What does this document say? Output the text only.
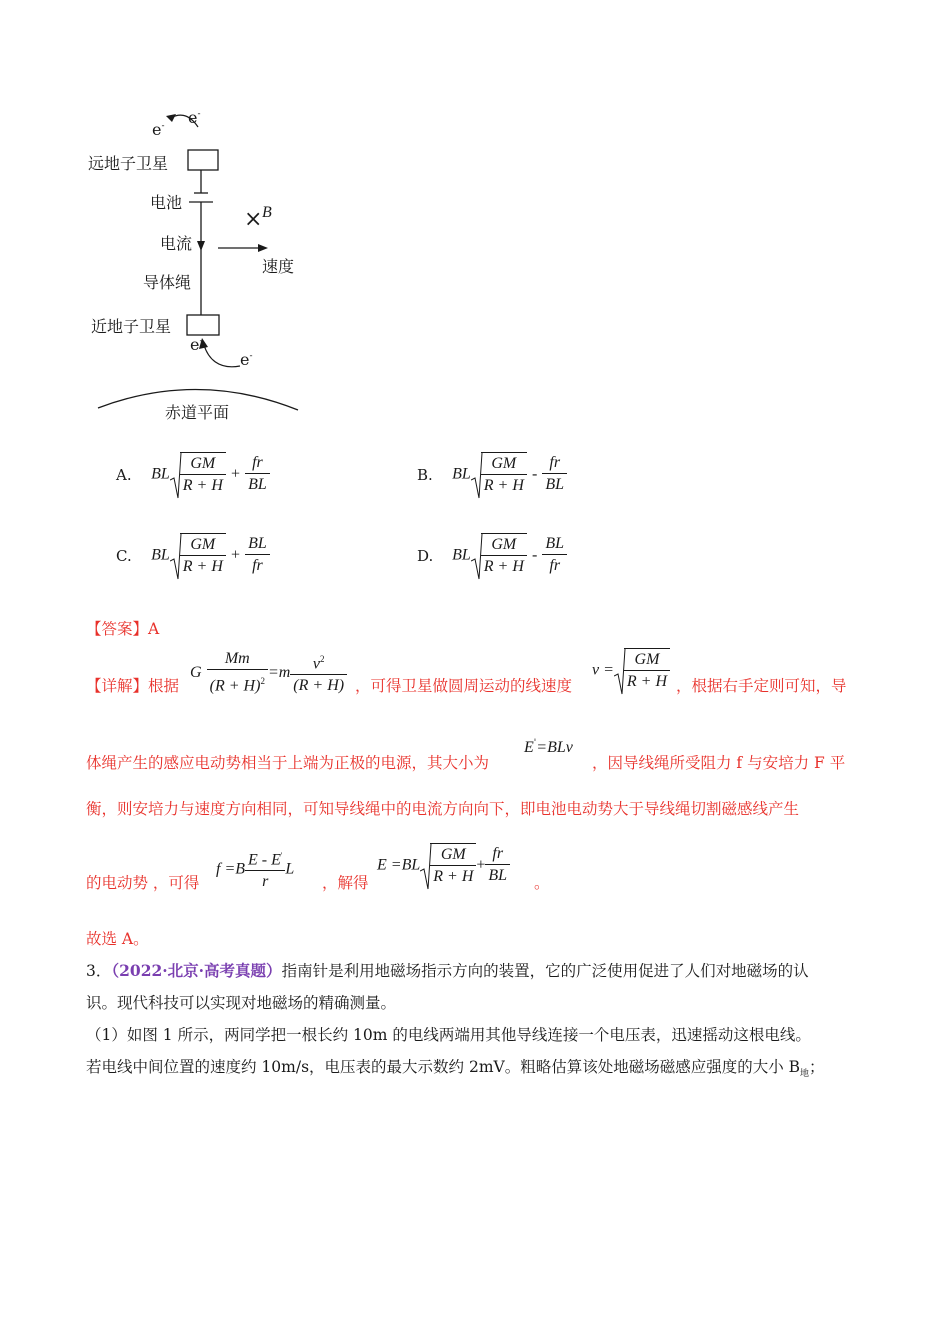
e- e-
远地子卫星
电池
× B
电流
速度
导体绳
近地子卫星
e-
e-
赤道平面
A. BL $\frac{GM}{R + H} + \frac{fr}{BL}$	B. BL $\frac{GM}{R + H} - \frac{fr}{BL}$
C. BL $\frac{GM}{R + H} + \frac{BL}{fr}$	D. BL $\frac{GM}{R + H} - \frac{BL}{fr}$
【答案】A
【详解】根据
G $\frac{Mm}{(R + H)^2} =m \frac{v^2}{(R + H)}$ ，可得卫星做圆周运动的线速度
$v = \frac{GM}{R + H}$ ，根据右手定则可知，导
体绳产生的感应电动势相当于上端为正极的电源，其大小为
E'=BLv
，因导线绳所受阻力 f 与安培力 F 平
衡，则安培力与速度方向相同，可知导线绳中的电流方向向下，即电池电动势大于导线绳切割磁感线产生
的电动势 ，可得
$f =B \frac{E - E'}{r}$ L
，解得
$E =BL \frac{GM}{R + H} + \frac{fr}{BL}$ 。
故选 A。
3．（2022·北京·高考真题）指南针是利用地磁场指示方向的装置，它的广泛使用促进了人们对地磁场的认
识。现代科技可以实现对地磁场的精确测量。
（1）如图 1 所示，两同学把一根长约 10m 的电线两端用其他导线连接一个电压表，迅速摇动这根电线。
若电线中间位置的速度约 10m/s，电压表的最大示数约 2mV。粗略估算该处地磁场磁感应强度的大小 $B_地$；
